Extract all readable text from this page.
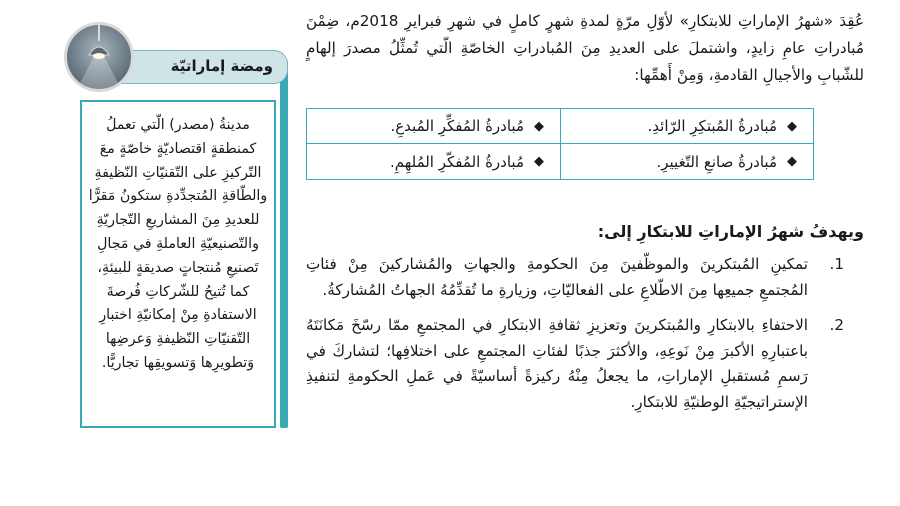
ومضة إماراتيّة
مدينةُ (مصدر) الّتي تعملُ كمنطقةٍ اقتصاديّةٍ خاصّةٍ معَ التّركيزِ على التّقنيّاتِ النّظيفةِ والطّاقةِ المُتجدِّدةِ ستكونُ مَقرًّا للعديدِ مِنَ المشاريعِ التّجاريّةِ والتّصنيعيّةِ العاملةِ في مَجالِ تَصنيعِ مُنتجاتٍ صديقةٍ للبيئةِ، كما تُتيحُ للشّركاتِ فُرصةَ الاستفادةِ مِنْ إمكانيّةِ اختبارِ التّقنيّاتِ النّظيفةِ وَعرضِها وَتطويرِها وَتسويقِها تجاريًّا.
عُقِدَ «شهرُ الإماراتِ للابتكارِ» لأوّلِ مرّةٍ لمدةِ شهرٍ كاملٍ في شهرِ فبرايرِ 2018م، ضِمْنَ مُبادراتِ عامِ زايدٍ، واشتملَ على العديدِ مِنَ المُبادراتِ الخاصّةِ الّتي تُمثِّلُ مصدرَ إلهامٍ للشّبابِ والأجيالِ القادمةِ، وَمِنْ أَهمِّها:
◆
مُبادرةُ المُبتكِرِ الرّائدِ.
◆
مُبادرةُ المُفكِّرِ المُبدعِ.
◆
مُبادرةُ صانعِ التّغييرِ.
◆
مُبادرةُ المُفكّرِ المُلهِمِ.
ويهدفُ شهرُ الإماراتِ للابتكارِ إلى:
1.
تمكينِ المُبتكرينَ والموظّفينَ مِنَ الحكومةِ والجهاتِ والمُشاركينَ مِنْ فئاتِ المُجتمعِ جميعِها مِنَ الاطّلاعِ على الفعاليّاتِ، وزيارةِ ما تُقدِّمُهُ الجهاتُ المُشاركةُ.
2.
الاحتفاءِ بالابتكارِ والمُبتكرينَ وتعزيزِ ثقافةِ الابتكارِ في المجتمعِ ممّا رسّخَ مَكانَتَهُ باعتبارِهِ الأكبرَ مِنْ نَوعِهِ، والأكثرَ جذبًا لفئاتِ المجتمعِ على اختلافِها؛ لتشاركَ في رَسمِ مُستقبلِ الإماراتِ، ما يجعلُ مِنْهُ ركيزةً أساسيّةً في عَملِ الحكومةِ لتنفيذِ الإستراتيجيّةِ الوطنيّةِ للابتكارِ.
